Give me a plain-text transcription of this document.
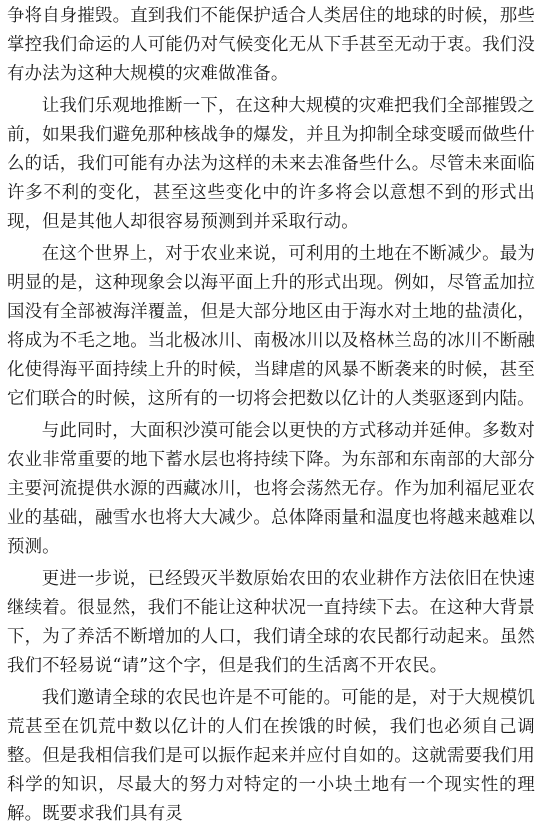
争将自身摧毁。直到我们不能保护适合人类居住的地球的时候，那些掌控我们命运的人可能仍对气候变化无从下手甚至无动于衷。我们没有办法为这种大规模的灾难做准备。

让我们乐观地推断一下，在这种大规模的灾难把我们全部摧毁之前，如果我们避免那种核战争的爆发，并且为抑制全球变暖而做些什么的话，我们可能有办法为这样的未来去准备些什么。尽管未来面临许多不利的变化，甚至这些变化中的许多将会以意想不到的形式出现，但是其他人却很容易预测到并采取行动。

在这个世界上，对于农业来说，可利用的土地在不断减少。最为明显的是，这种现象会以海平面上升的形式出现。例如，尽管孟加拉国没有全部被海洋覆盖，但是大部分地区由于海水对土地的盐渍化，将成为不毛之地。当北极冰川、南极冰川以及格林兰岛的冰川不断融化使得海平面持续上升的时候，当肆虐的风暴不断袭来的时候，甚至它们联合的时候，这所有的一切将会把数以亿计的人类驱逐到内陆。

与此同时，大面积沙漠可能会以更快的方式移动并延伸。多数对农业非常重要的地下蓄水层也将持续下降。为东部和东南部的大部分主要河流提供水源的西藏冰川，也将会荡然无存。作为加利福尼亚农业的基础，融雪水也将大大减少。总体降雨量和温度也将越来越难以预测。

更进一步说，已经毁灭半数原始农田的农业耕作方法依旧在快速继续着。很显然，我们不能让这种状况一直持续下去。在这种大背景下，为了养活不断增加的人口，我们请全球的农民都行动起来。虽然我们不轻易说“请”这个字，但是我们的生活离不开农民。

我们邀请全球的农民也许是不可能的。可能的是，对于大规模饥荒甚至在饥荒中数以亿计的人们在挨饿的时候，我们也必须自己调整。但是我相信我们是可以振作起来并应付自如的。这就需要我们用科学的知识，尽最大的努力对特定的一小块土地有一个现实性的理解。既要求我们具有灵
